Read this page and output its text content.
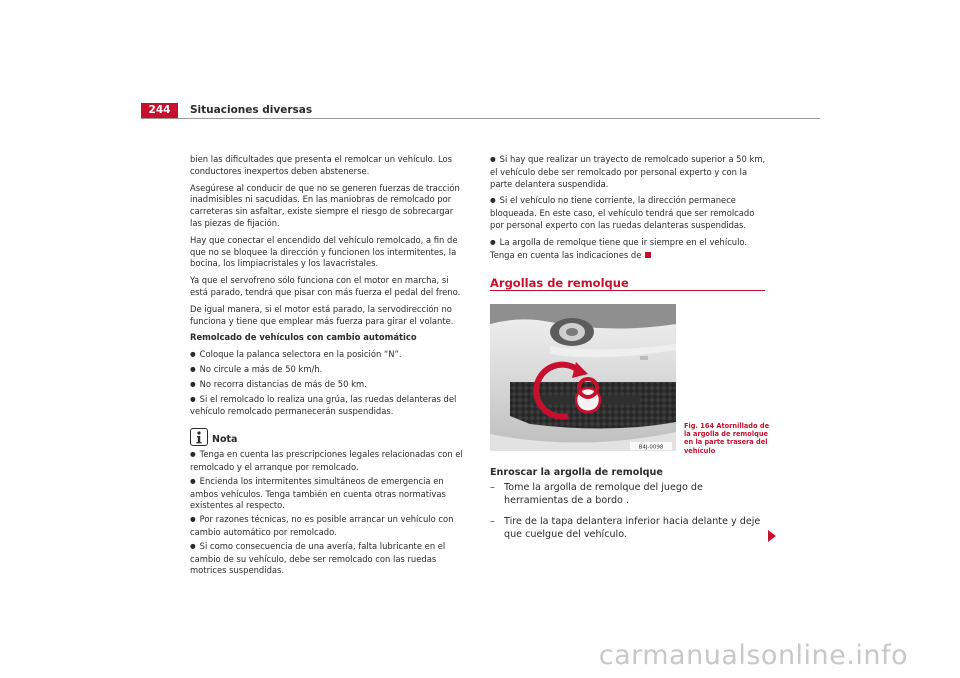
244	Situaciones diversas

bien las dificultades que presenta el remolcar un vehículo. Los conductores inexpertos deben abstenerse.

Asegúrese al conducir de que no se generen fuerzas de tracción inadmisibles ni sacudidas. En las maniobras de remolcado por carreteras sin asfaltar, existe siempre el riesgo de sobrecargar las piezas de fijación.

Hay que conectar el encendido del vehículo remolcado, a fin de que no se bloquee la dirección y funcionen los intermitentes, la bocina, los limpiacristales y los lavacristales.

Ya que el servofreno sólo funciona con el motor en marcha, si está parado, tendrá que pisar con más fuerza el pedal del freno.

De igual manera, si el motor está parado, la servodirección no funciona y tiene que emplear más fuerza para girar el volante.

Remolcado de vehículos con cambio automático

● Coloque la palanca selectora en la posición “N”.

● No circule a más de 50 km/h.

● No recorra distancias de más de 50 km.

● Si el remolcado lo realiza una grúa, las ruedas delanteras del vehículo remolcado permanecerán suspendidas.

Nota

● Tenga en cuenta las prescripciones legales relacionadas con el remolcado y el arranque por remolcado.

● Encienda los intermitentes simultáneos de emergencia en ambos vehículos. Tenga también en cuenta otras normativas existentes al respecto.

● Por razones técnicas, no es posible arrancar un vehículo con cambio automático por remolcado.

● Si como consecuencia de una avería, falta lubricante en el cambio de su vehículo, debe ser remolcado con las ruedas motrices suspendidas.

● Si hay que realizar un trayecto de remolcado superior a 50 km, el vehículo debe ser remolcado por personal experto y con la parte delantera suspendida.

● Si el vehículo no tiene corriente, la dirección permanece bloqueada. En este caso, el vehículo tendrá que ser remolcado por personal experto con las ruedas delanteras suspendidas.

● La argolla de remolque tiene que ir siempre en el vehículo. Tenga en cuenta las indicaciones de

Argollas de remolque
B4J-0098
Fig. 164 Atornillado de la argolla de remolque en la parte trasera del vehículo

Enroscar la argolla de remolque

– Tome la argolla de remolque del juego de herramientas de a bordo .
– Tire de la tapa delantera inferior hacia delante y deje que cuelgue del vehículo.
carmanualsonline.info
